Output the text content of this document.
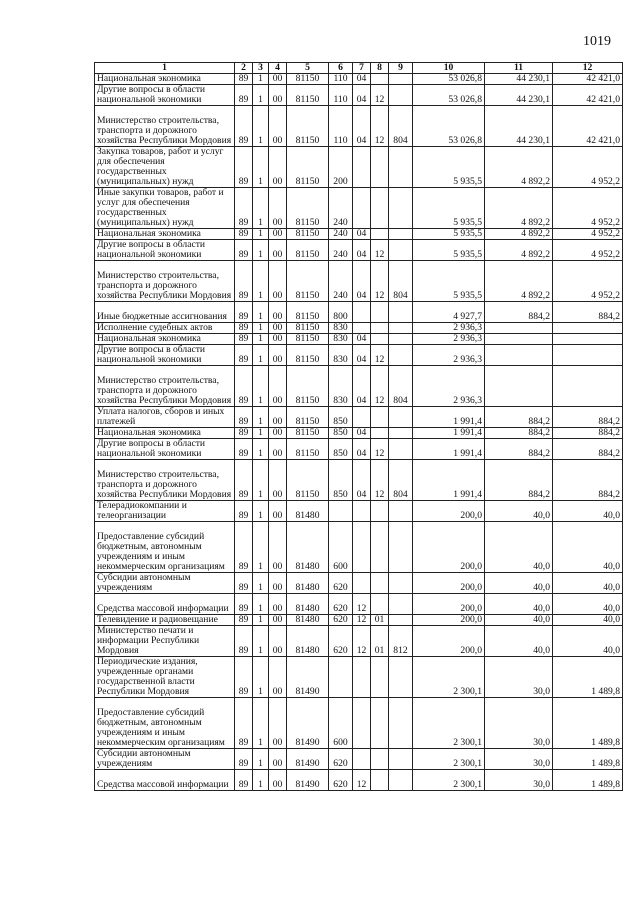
1019
1	2	3	4	5	6	7	8	9	10	11	12
Национальная экономика	89	1	00	81150	110	04			53 026,8	44 230,1	42 421,0
Другие вопросы в области национальной экономики	89	1	00	81150	110	04	12		53 026,8	44 230,1	42 421,0
Министерство строительства, транспорта и дорожного хозяйства Республики Мордовия	89	1	00	81150	110	04	12	804	53 026,8	44 230,1	42 421,0
Закупка товаров, работ и услуг для обеспечения государственных (муниципальных) нужд	89	1	00	81150	200				5 935,5	4 892,2	4 952,2
Иные закупки товаров, работ и услуг для обеспечения государственных (муниципальных) нужд	89	1	00	81150	240				5 935,5	4 892,2	4 952,2
Национальная экономика	89	1	00	81150	240	04			5 935,5	4 892,2	4 952,2
Другие вопросы в области национальной экономики	89	1	00	81150	240	04	12		5 935,5	4 892,2	4 952,2
Министерство строительства, транспорта и дорожного хозяйства Республики Мордовия	89	1	00	81150	240	04	12	804	5 935,5	4 892,2	4 952,2
Иные бюджетные ассигнования	89	1	00	81150	800				4 927,7	884,2	884,2
Исполнение судебных актов	89	1	00	81150	830				2 936,3		
Национальная экономика	89	1	00	81150	830	04			2 936,3		
Другие вопросы в области национальной экономики	89	1	00	81150	830	04	12		2 936,3		
Министерство строительства, транспорта и дорожного хозяйства Республики Мордовия	89	1	00	81150	830	04	12	804	2 936,3		
Уплата налогов, сборов и иных платежей	89	1	00	81150	850				1 991,4	884,2	884,2
Национальная экономика	89	1	00	81150	850	04			1 991,4	884,2	884,2
Другие вопросы в области национальной экономики	89	1	00	81150	850	04	12		1 991,4	884,2	884,2
Министерство строительства, транспорта и дорожного хозяйства Республики Мордовия	89	1	00	81150	850	04	12	804	1 991,4	884,2	884,2
Телерадиокомпании и телеорганизации	89	1	00	81480					200,0	40,0	40,0
Предоставление субсидий бюджетным, автономным учреждениям и иным некоммерческим организациям	89	1	00	81480	600				200,0	40,0	40,0
Субсидии автономным учреждениям	89	1	00	81480	620				200,0	40,0	40,0
Средства массовой информации	89	1	00	81480	620	12			200,0	40,0	40,0
Телевидение и радиовещание	89	1	00	81480	620	12	01		200,0	40,0	40,0
Министерство печати и информации Республики Мордовия	89	1	00	81480	620	12	01	812	200,0	40,0	40,0
Периодические издания, учрежденные органами государственной власти Республики Мордовия	89	1	00	81490					2 300,1	30,0	1 489,8
Предоставление субсидий бюджетным, автономным учреждениям и иным некоммерческим организациям	89	1	00	81490	600				2 300,1	30,0	1 489,8
Субсидии автономным учреждениям	89	1	00	81490	620				2 300,1	30,0	1 489,8
Средства массовой информации	89	1	00	81490	620	12			2 300,1	30,0	1 489,8
